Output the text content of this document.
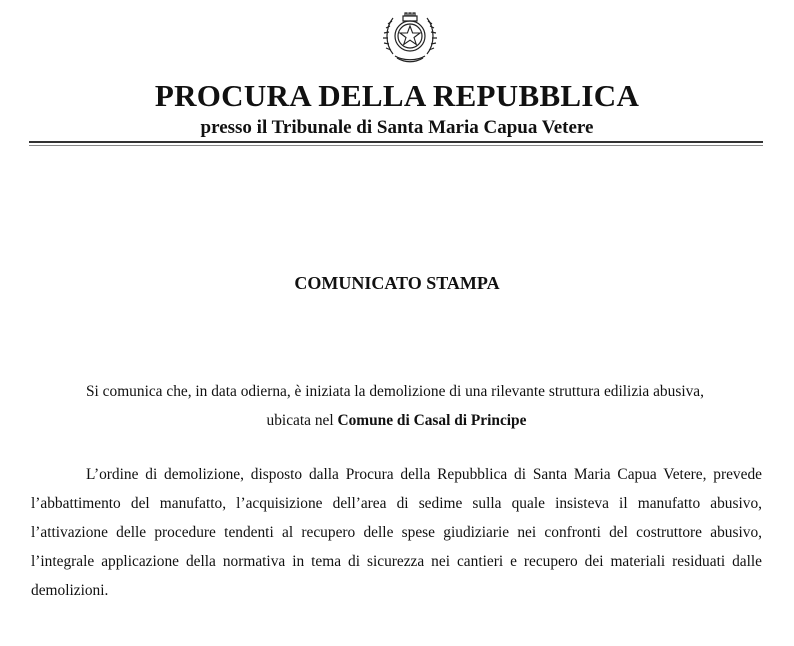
PROCURA DELLA REPUBBLICA
presso il Tribunale di Santa Maria Capua Vetere
COMUNICATO STAMPA
Si comunica che, in data odierna, è iniziata la demolizione di una rilevante struttura edilizia abusiva,
ubicata nel Comune di Casal di Principe
L’ordine di demolizione, disposto dalla Procura della Repubblica di Santa Maria Capua Vetere, prevede l’abbattimento del manufatto, l’acquisizione dell’area di sedime sulla quale insisteva il manufatto abusivo, l’attivazione delle procedure tendenti al recupero delle spese giudiziarie nei confronti del costruttore abusivo, l’integrale applicazione della normativa in tema di sicurezza nei cantieri e recupero dei materiali residuati dalle demolizioni.
